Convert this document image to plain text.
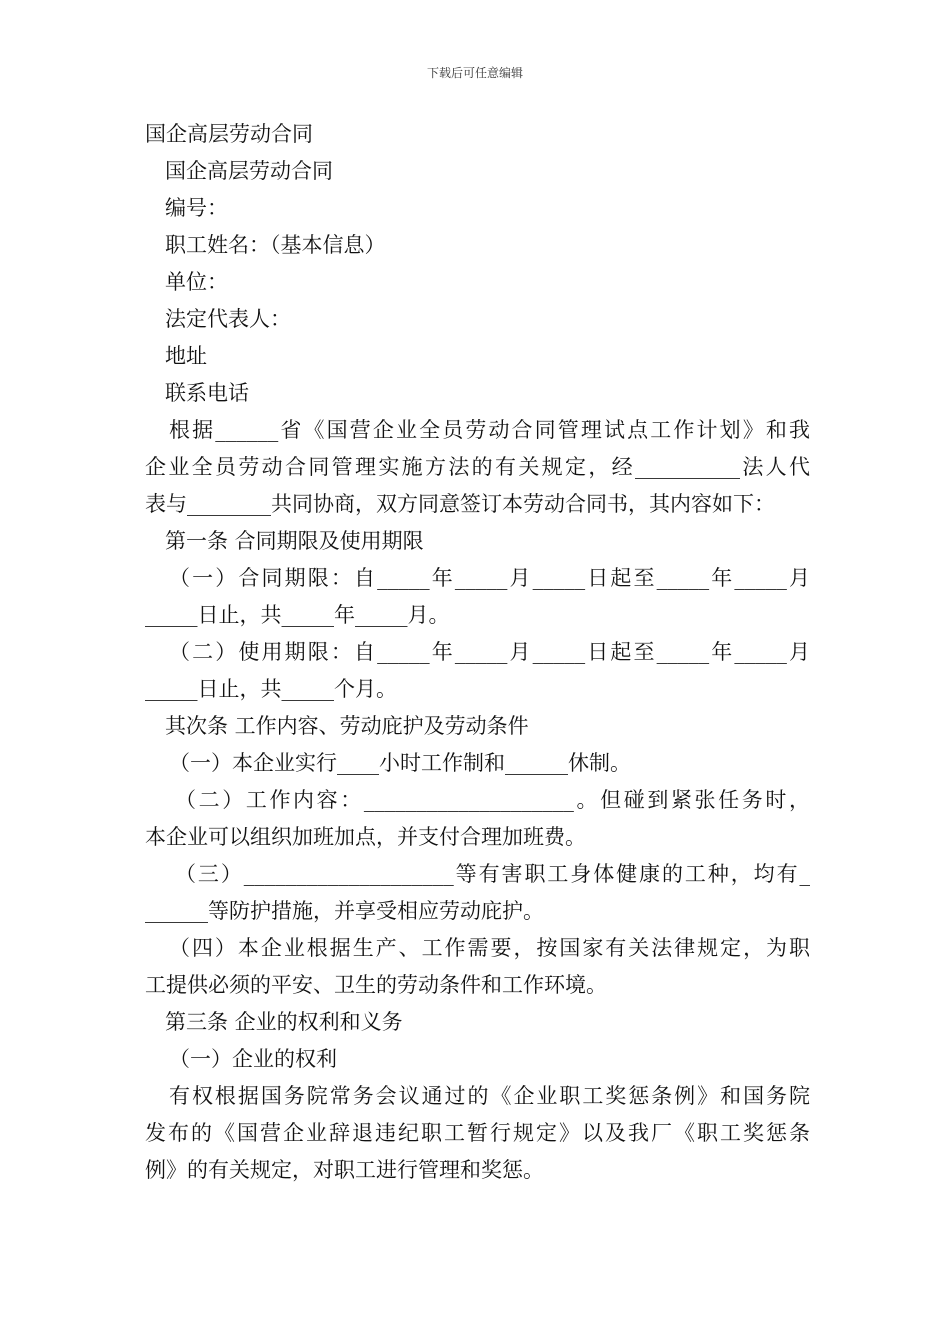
下载后可任意编辑
国企高层劳动合同
国企高层劳动合同
编号：
职工姓名：（基本信息）
单位：
法定代表人：
地址
联系电话
根据______省《国营企业全员劳动合同管理试点工作计划》和我
企业全员劳动合同管理实施方法的有关规定，经__________法人代
表与________共同协商，双方同意签订本劳动合同书，其内容如下：
第一条 合同期限及使用期限
（一）合同期限：自_____年_____月_____日起至_____年_____月
_____日止，共_____年_____月。
（二）使用期限：自_____年_____月_____日起至_____年_____月
_____日止，共_____个月。
其次条 工作内容、劳动庇护及劳动条件
（一）本企业实行____小时工作制和______休制。
（二）工作内容：____________________。但碰到紧张任务时，
本企业可以组织加班加点，并支付合理加班费。
（三）____________________等有害职工身体健康的工种，均有_
______等防护措施，并享受相应劳动庇护。
（四）本企业根据生产、工作需要，按国家有关法律规定，为职
工提供必须的平安、卫生的劳动条件和工作环境。
第三条 企业的权利和义务
（一）企业的权利
有权根据国务院常务会议通过的《企业职工奖惩条例》和国务院
发布的《国营企业辞退违纪职工暂行规定》以及我厂《职工奖惩条
例》的有关规定，对职工进行管理和奖惩。
